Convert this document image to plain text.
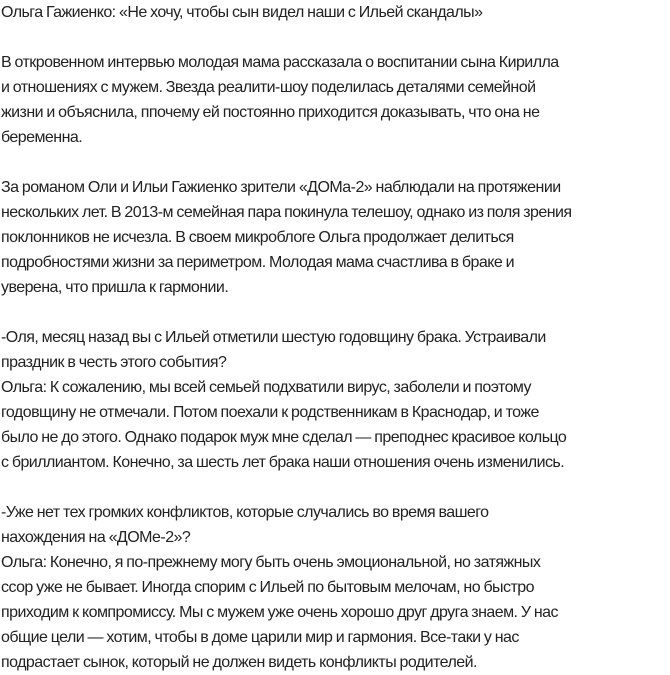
Ольга Гажиенко: «Не хочу, чтобы сын видел наши с Ильей скандалы»
В откровенном интервью молодая мама рассказала о воспитании сына Кирилла
и отношениях с мужем. Звезда реалити-шоу поделилась деталями семейной
жизни и объяснила, ппочему ей постоянно приходится доказывать, что она не
беременна.
За романом Оли и Ильи Гажиенко зрители «ДОМа-2» наблюдали на протяжении
нескольких лет. В 2013-м семейная пара покинула телешоу, однако из поля зрения
поклонников не исчезла. В своем микроблоге Ольга продолжает делиться
подробностями жизни за периметром. Молодая мама счастлива в браке и
уверена, что пришла к гармонии.
-Оля, месяц назад вы с Ильей отметили шестую годовщину брака. Устраивали
праздник в честь этого события?
Ольга: К сожалению, мы всей семьей подхватили вирус, заболели и поэтому
годовщину не отмечали. Потом поехали к родственникам в Краснодар, и тоже
было не до этого. Однако подарок муж мне сделал — преподнес красивое кольцо
с бриллиантом. Конечно, за шесть лет брака наши отношения очень изменились.
-Уже нет тех громких конфликтов, которые случались во время вашего
нахождения на «ДОМе-2»?
Ольга: Конечно, я по-прежнему могу быть очень эмоциональной, но затяжных
ссор уже не бывает. Иногда спорим с Ильей по бытовым мелочам, но быстро
приходим к компромиссу. Мы с мужем уже очень хорошо друг друга знаем. У нас
общие цели — хотим, чтобы в доме царили мир и гармония. Все-таки у нас
подрастает сынок, который не должен видеть конфликты родителей.
